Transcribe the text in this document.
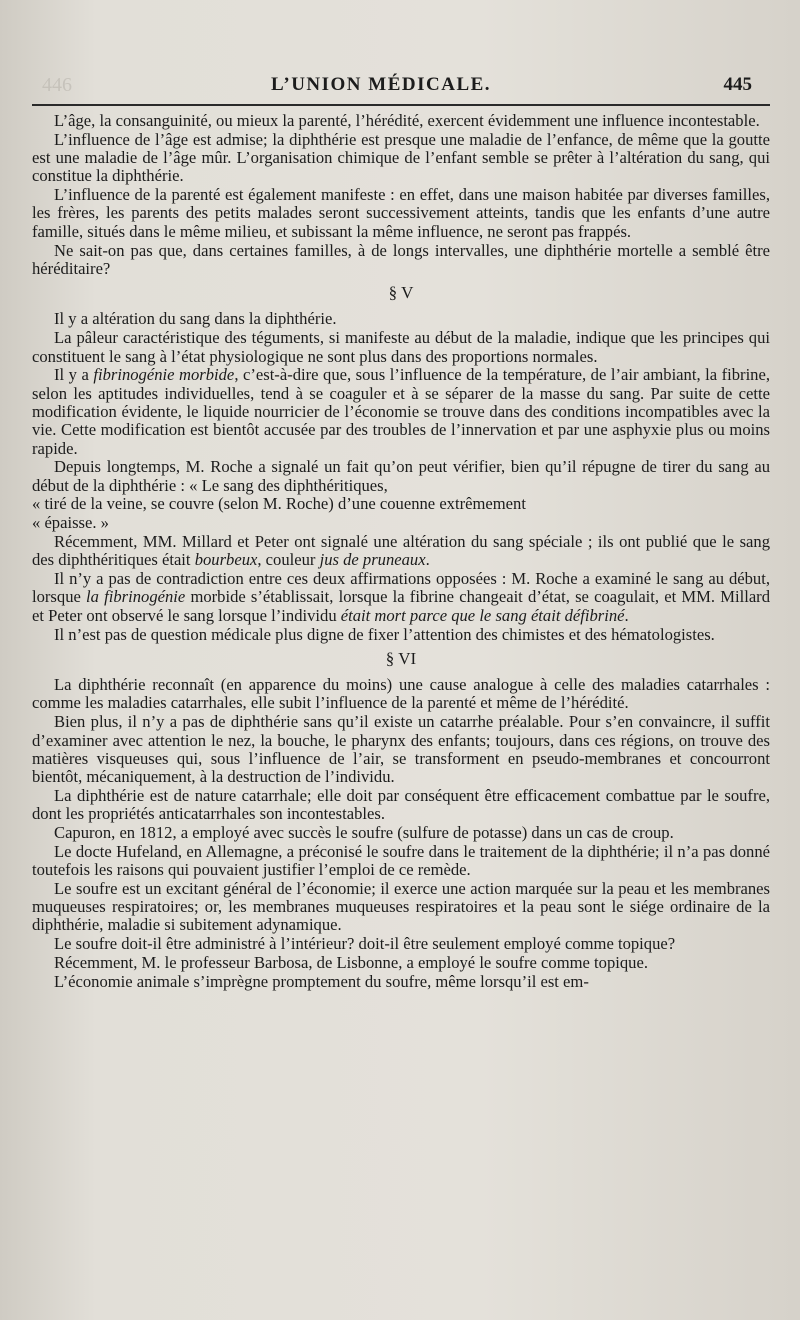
446	L’UNION MÉDICALE.	445

L’âge, la consanguinité, ou mieux la parenté, l’hérédité, exercent évidemment une influence incontestable.

L’influence de l’âge est admise; la diphthérie est presque une maladie de l’enfance, de même que la goutte est une maladie de l’âge mûr. L’organisation chimique de l’enfant semble se prêter à l’altération du sang, qui constitue la diphthérie.

L’influence de la parenté est également manifeste : en effet, dans une maison habitée par diverses familles, les frères, les parents des petits malades seront successivement atteints, tandis que les enfants d’une autre famille, situés dans le même milieu, et subissant la même influence, ne seront pas frappés.

Ne sait-on pas que, dans certaines familles, à de longs intervalles, une diphthérie mortelle a semblé être héréditaire?

§ V

Il y a altération du sang dans la diphthérie.

La pâleur caractéristique des téguments, si manifeste au début de la maladie, indique que les principes qui constituent le sang à l’état physiologique ne sont plus dans des proportions normales.

Il y a fibrinogénie morbide, c’est-à-dire que, sous l’influence de la température, de l’air ambiant, la fibrine, selon les aptitudes individuelles, tend à se coaguler et à se séparer de la masse du sang. Par suite de cette modification évidente, le liquide nourricier de l’économie se trouve dans des conditions incompatibles avec la vie. Cette modification est bientôt accusée par des troubles de l’innervation et par une asphyxie plus ou moins rapide.

Depuis longtemps, M. Roche a signalé un fait qu’on peut vérifier, bien qu’il répugne de tirer du sang au début de la diphthérie : « Le sang des diphthéritiques,

« tiré de la veine, se couvre (selon M. Roche) d’une couenne extrêmement

« épaisse. »

Récemment, MM. Millard et Peter ont signalé une altération du sang spéciale ; ils ont publié que le sang des diphthéritiques était bourbeux, couleur jus de pruneaux.

Il n’y a pas de contradiction entre ces deux affirmations opposées : M. Roche a examiné le sang au début, lorsque la fibrinogénie morbide s’établissait, lorsque la fibrine changeait d’état, se coagulait, et MM. Millard et Peter ont observé le sang lorsque l’individu était mort parce que le sang était défibriné.

Il n’est pas de question médicale plus digne de fixer l’attention des chimistes et des hématologistes.

§ VI

La diphthérie reconnaît (en apparence du moins) une cause analogue à celle des maladies catarrhales : comme les maladies catarrhales, elle subit l’influence de la parenté et même de l’hérédité.

Bien plus, il n’y a pas de diphthérie sans qu’il existe un catarrhe préalable. Pour s’en convaincre, il suffit d’examiner avec attention le nez, la bouche, le pharynx des enfants; toujours, dans ces régions, on trouve des matières visqueuses qui, sous l’influence de l’air, se transforment en pseudo-membranes et concourront bientôt, mécaniquement, à la destruction de l’individu.

La diphthérie est de nature catarrhale; elle doit par conséquent être efficacement combattue par le soufre, dont les propriétés anticatarrhales son incontestables.

Capuron, en 1812, a employé avec succès le soufre (sulfure de potasse) dans un cas de croup.

Le docte Hufeland, en Allemagne, a préconisé le soufre dans le traitement de la diphthérie; il n’a pas donné toutefois les raisons qui pouvaient justifier l’emploi de ce remède.

Le soufre est un excitant général de l’économie; il exerce une action marquée sur la peau et les membranes muqueuses respiratoires; or, les membranes muqueuses respiratoires et la peau sont le siége ordinaire de la diphthérie, maladie si subitement adynamique.

Le soufre doit-il être administré à l’intérieur? doit-il être seulement employé comme topique?

Récemment, M. le professeur Barbosa, de Lisbonne, a employé le soufre comme topique.

L’économie animale s’imprègne promptement du soufre, même lorsqu’il est em-
